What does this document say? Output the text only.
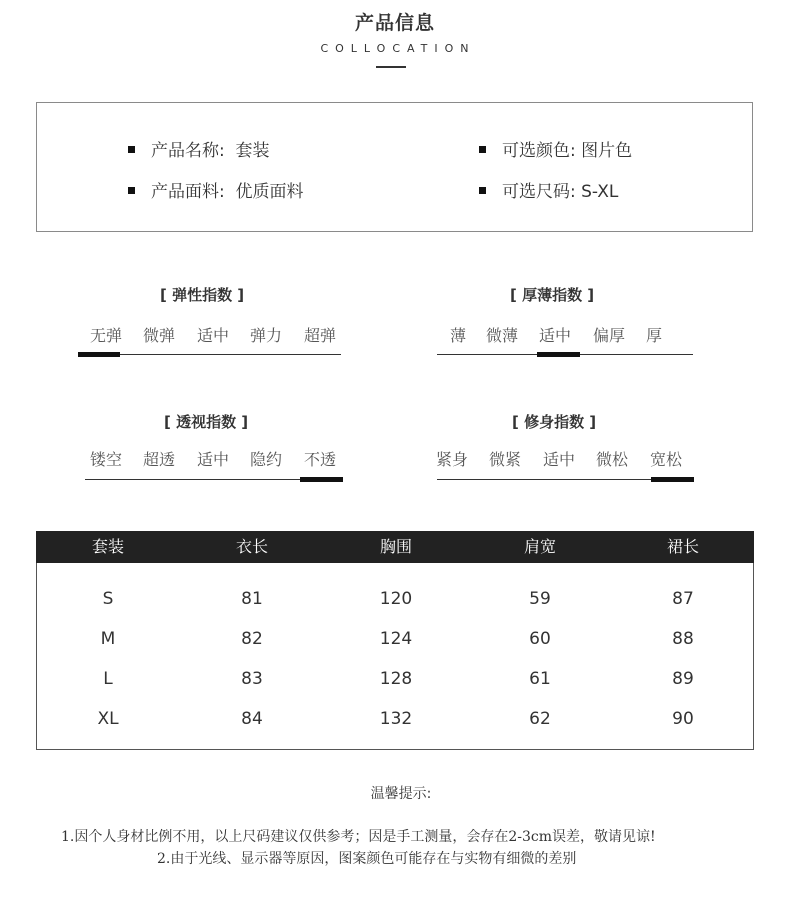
产品信息
COLLOCATION
产品名称: 套装
产品面料: 优质面料
可选颜色: 图片色
可选尺码: S-XL
[ 弹性指数 ]
无弹 微弹 适中 弹力 超弹
[ 厚薄指数 ]
薄 微薄 适中 偏厚 厚
[ 透视指数 ]
镂空 超透 适中 隐约 不透
[ 修身指数 ]
紧身 微紧 适中 微松 宽松
套装	衣长	胸围	肩宽	裙长
S	81	120	59	87
M	82	124	60	88
L	83	128	61	89
XL	84	132	62	90
温馨提示:
1.因个人身材比例不用，以上尺码建议仅供参考；因是手工测量，会存在2-3cm误差，敬请见谅!
2.由于光线、显示器等原因，图案颜色可能存在与实物有细微的差别
